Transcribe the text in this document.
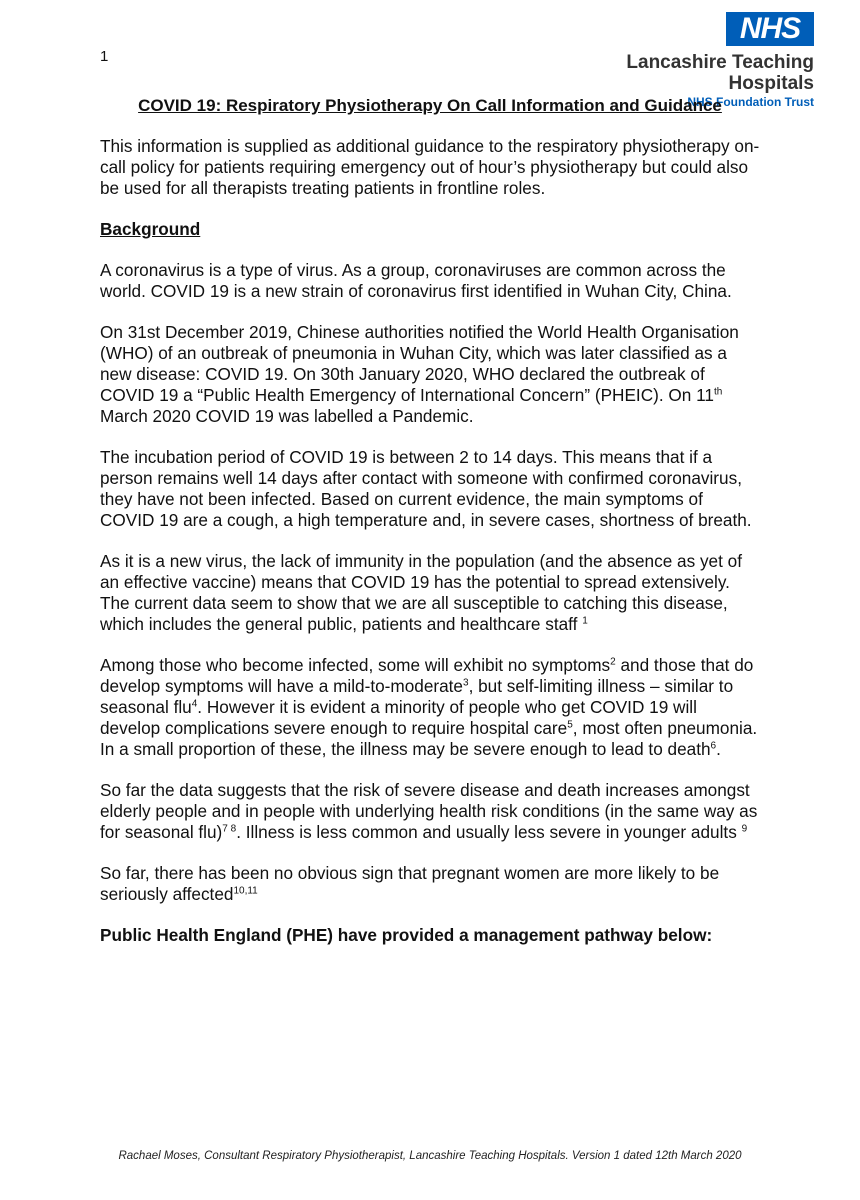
1
NHS
Lancashire Teaching
Hospitals
NHS Foundation Trust
COVID 19: Respiratory Physiotherapy On Call Information and Guidance

This information is supplied as additional guidance to the respiratory physiotherapy on-call policy for patients requiring emergency out of hour’s physiotherapy but could also be used for all therapists treating patients in frontline roles.

Background

A coronavirus is a type of virus. As a group, coronaviruses are common across the world. COVID 19 is a new strain of coronavirus first identified in Wuhan City, China.

On 31st December 2019, Chinese authorities notified the World Health Organisation (WHO) of an outbreak of pneumonia in Wuhan City, which was later classified as a new disease: COVID 19. On 30th January 2020, WHO declared the outbreak of COVID 19 a “Public Health Emergency of International Concern” (PHEIC). On 11th March 2020 COVID 19 was labelled a Pandemic.

The incubation period of COVID 19 is between 2 to 14 days. This means that if a person remains well 14 days after contact with someone with confirmed coronavirus, they have not been infected. Based on current evidence, the main symptoms of COVID 19 are a cough, a high temperature and, in severe cases, shortness of breath.

As it is a new virus, the lack of immunity in the population (and the absence as yet of an effective vaccine) means that COVID 19 has the potential to spread extensively. The current data seem to show that we are all susceptible to catching this disease, which includes the general public, patients and healthcare staff $^1$

Among those who become infected, some will exhibit no symptoms$^2$ and those that do develop symptoms will have a mild-to-moderate$^3$, but self-limiting illness – similar to seasonal flu$^4$. However it is evident a minority of people who get COVID 19 will develop complications severe enough to require hospital care$^5$, most often pneumonia. In a small proportion of these, the illness may be severe enough to lead to death$^6$.

So far the data suggests that the risk of severe disease and death increases amongst elderly people and in people with underlying health risk conditions (in the same way as for seasonal flu)$^{7 8}$. Illness is less common and usually less severe in younger adults $^9$

So far, there has been no obvious sign that pregnant women are more likely to be seriously affected$^{10,11}$

Public Health England (PHE) have provided a management pathway below:

Rachael Moses, Consultant Respiratory Physiotherapist, Lancashire Teaching Hospitals. Version 1 dated 12th March 2020
